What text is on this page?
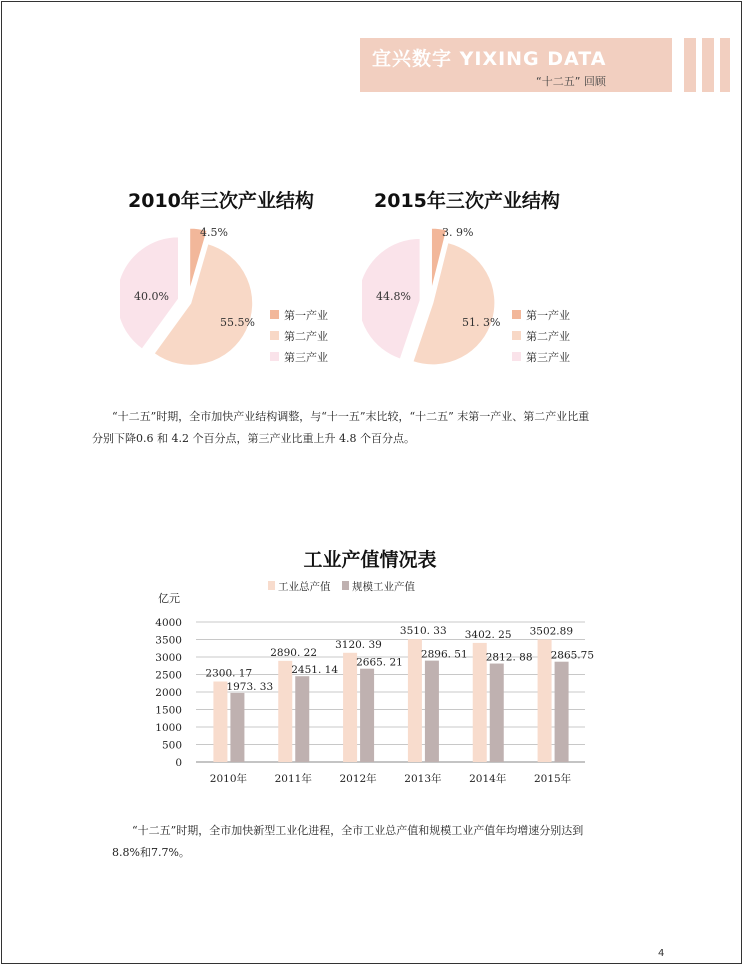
宜兴数字 YIXING DATA
“十二五” 回顾
2010年三次产业结构	2015年三次产业结构
4.5%
55.5%
40.0%
第一产业
第二产业
第三产业
3. 9%
51. 3%
44.8%
第一产业
第二产业
第三产业
“十二五”时期，全市加快产业结构调整，与“十一五”末比较，“十二五” 末第一产业、第二产业比重
分别下降0.6 和 4.2 个百分点，第三产业比重上升 4.8 个百分点。
工业产值情况表
工业总产值 规模工业产值
亿元
0
500
1000
1500
2000
2500
3000
3500
4000
2300. 17
1973. 33
2010年
2890. 22
2451. 14
2011年
3120. 39
2665. 21
2012年
3510. 33
2896. 51
2013年
3402. 25
2812. 88
2014年
3502.89
2865.75
2015年
“十二五”时期，全市加快新型工业化进程，全市工业总产值和规模工业产值年均增速分别达到
8.8%和7.7%。
4
